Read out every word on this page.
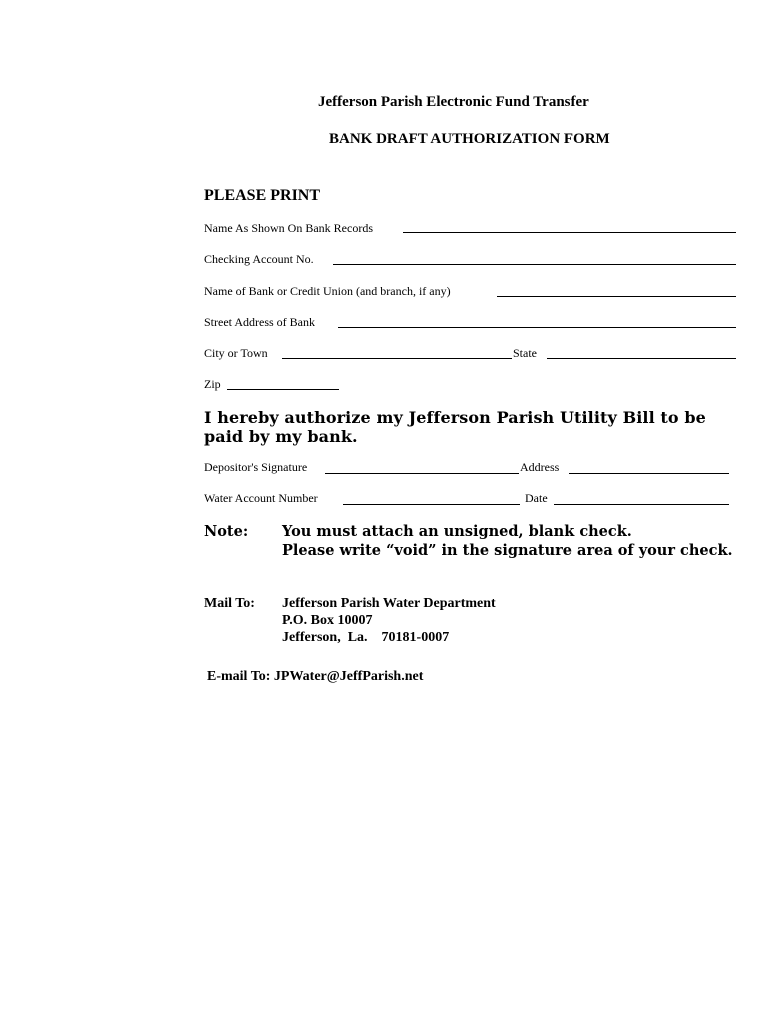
Jefferson Parish Electronic Fund Transfer
BANK DRAFT AUTHORIZATION FORM
PLEASE PRINT
Name As Shown On Bank Records
Checking Account No.
Name of Bank or Credit Union (and branch, if any)
Street Address of Bank
City or Town	State
Zip
I hereby authorize my Jefferson Parish Utility Bill to be
paid by my bank.
Depositor's Signature	Address
Water Account Number	Date
Note: You must attach an unsigned, blank check.
Please write “void” in the signature area of your check.
Mail To: Jefferson Parish Water Department
P.O. Box 10007
Jefferson,  La.    70181-0007
E-mail To: JPWater@JeffParish.net
